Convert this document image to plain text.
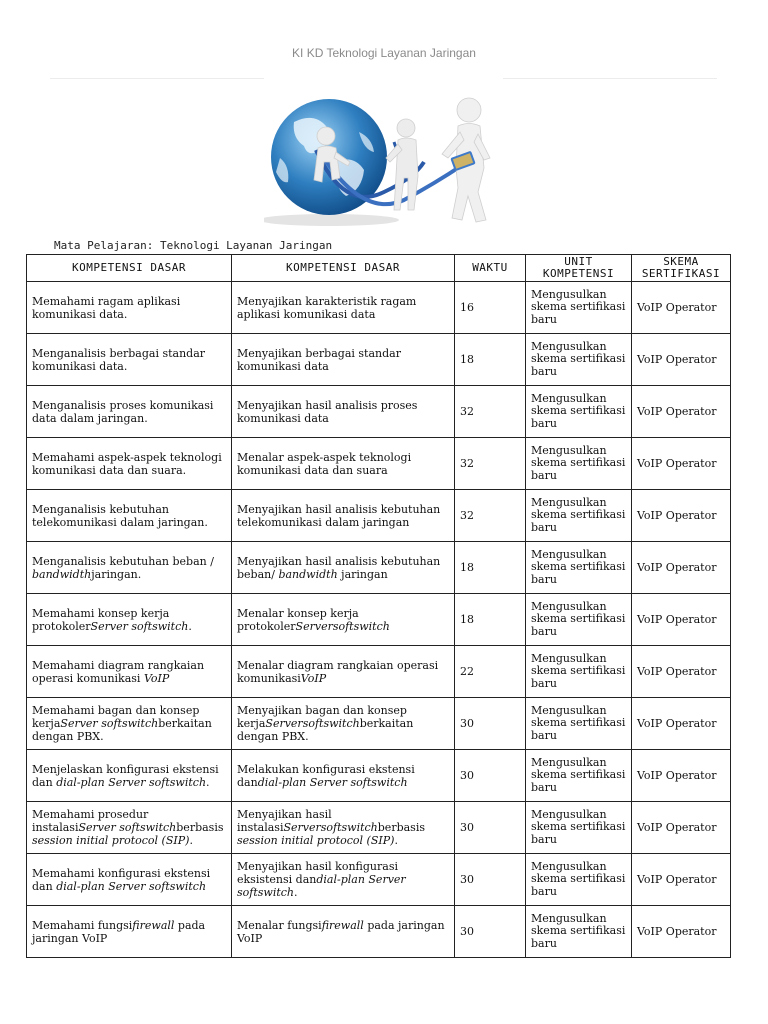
KI KD Teknologi Layanan Jaringan
Mata Pelajaran: Teknologi Layanan Jaringan
KOMPETENSI DASAR	KOMPETENSI DASAR	WAKTU	UNIT KOMPETENSI	SKEMA SERTIFIKASI
Memahami ragam aplikasi komunikasi data.	Menyajikan karakteristik ragam aplikasi komunikasi data	16	Mengusulkan skema sertifikasi baru	VoIP Operator
Menganalisis berbagai standar komunikasi data.	Menyajikan berbagai standar komunikasi data	18	Mengusulkan skema sertifikasi baru	VoIP Operator
Menganalisis proses komunikasi data dalam jaringan.	Menyajikan hasil analisis proses komunikasi data	32	Mengusulkan skema sertifikasi baru	VoIP Operator
Memahami aspek-aspek teknologi komunikasi data dan suara.	Menalar aspek-aspek teknologi komunikasi data dan suara	32	Mengusulkan skema sertifikasi baru	VoIP Operator
Menganalisis kebutuhan telekomunikasi dalam jaringan.	Menyajikan hasil analisis kebutuhan telekomunikasi dalam jaringan	32	Mengusulkan skema sertifikasi baru	VoIP Operator
Menganalisis kebutuhan beban / bandwidthjaringan.	Menyajikan hasil analisis kebutuhan beban/ bandwidth jaringan	18	Mengusulkan skema sertifikasi baru	VoIP Operator
Memahami konsep kerja protokolerServer softswitch.	Menalar konsep kerja protokolerServersoftswitch	18	Mengusulkan skema sertifikasi baru	VoIP Operator
Memahami diagram rangkaian operasi komunikasi VoIP	Menalar diagram rangkaian operasi komunikasiVoIP	22	Mengusulkan skema sertifikasi baru	VoIP Operator
Memahami bagan dan konsep kerjaServer softswitchberkaitan dengan PBX.	Menyajikan bagan dan konsep kerjaServersoftswitchberkaitan dengan PBX.	30	Mengusulkan skema sertifikasi baru	VoIP Operator
Menjelaskan konfigurasi ekstensi dan dial-plan Server softswitch.	Melakukan konfigurasi ekstensi dandial-plan Server softswitch	30	Mengusulkan skema sertifikasi baru	VoIP Operator
Memahami prosedur instalasiServer softswitchberbasis session initial protocol (SIP).	Menyajikan hasil instalasiServersoftswitchberbasis session initial protocol (SIP).	30	Mengusulkan skema sertifikasi baru	VoIP Operator
Memahami konfigurasi ekstensi dan dial-plan Server softswitch	Menyajikan hasil konfigurasi eksistensi dandial-plan Server softswitch.	30	Mengusulkan skema sertifikasi baru	VoIP Operator
Memahami fungsifirewall pada jaringan VoIP	Menalar fungsifirewall pada jaringan VoIP	30	Mengusulkan skema sertifikasi baru	VoIP Operator
